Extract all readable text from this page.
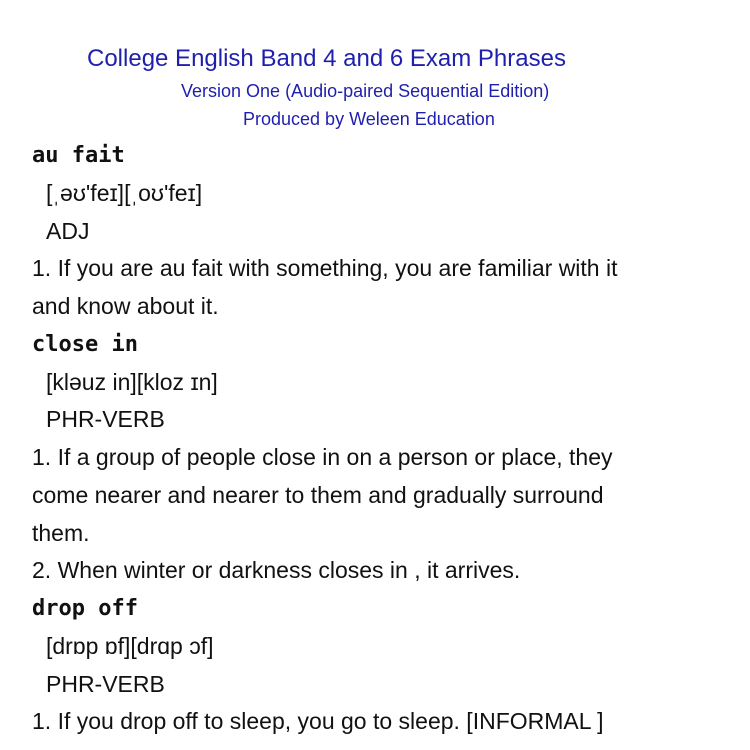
College English Band 4 and 6 Exam Phrases
Version One (Audio-paired Sequential Edition)
Produced by Weleen Education
au fait
[ˌəʊ'feɪ][ˌoʊ'feɪ]
ADJ
1. If you are au fait with something, you are familiar with it
and know about it.
close in
[kləuz in][kloz ɪn]
PHR-VERB
1. If a group of people close in on a person or place, they
come nearer and nearer to them and gradually surround
them.
2. When winter or darkness closes in , it arrives.
drop off
[drɒp ɒf][drɑp ɔf]
PHR-VERB
1. If you drop off to sleep, you go to sleep. [INFORMAL ]
